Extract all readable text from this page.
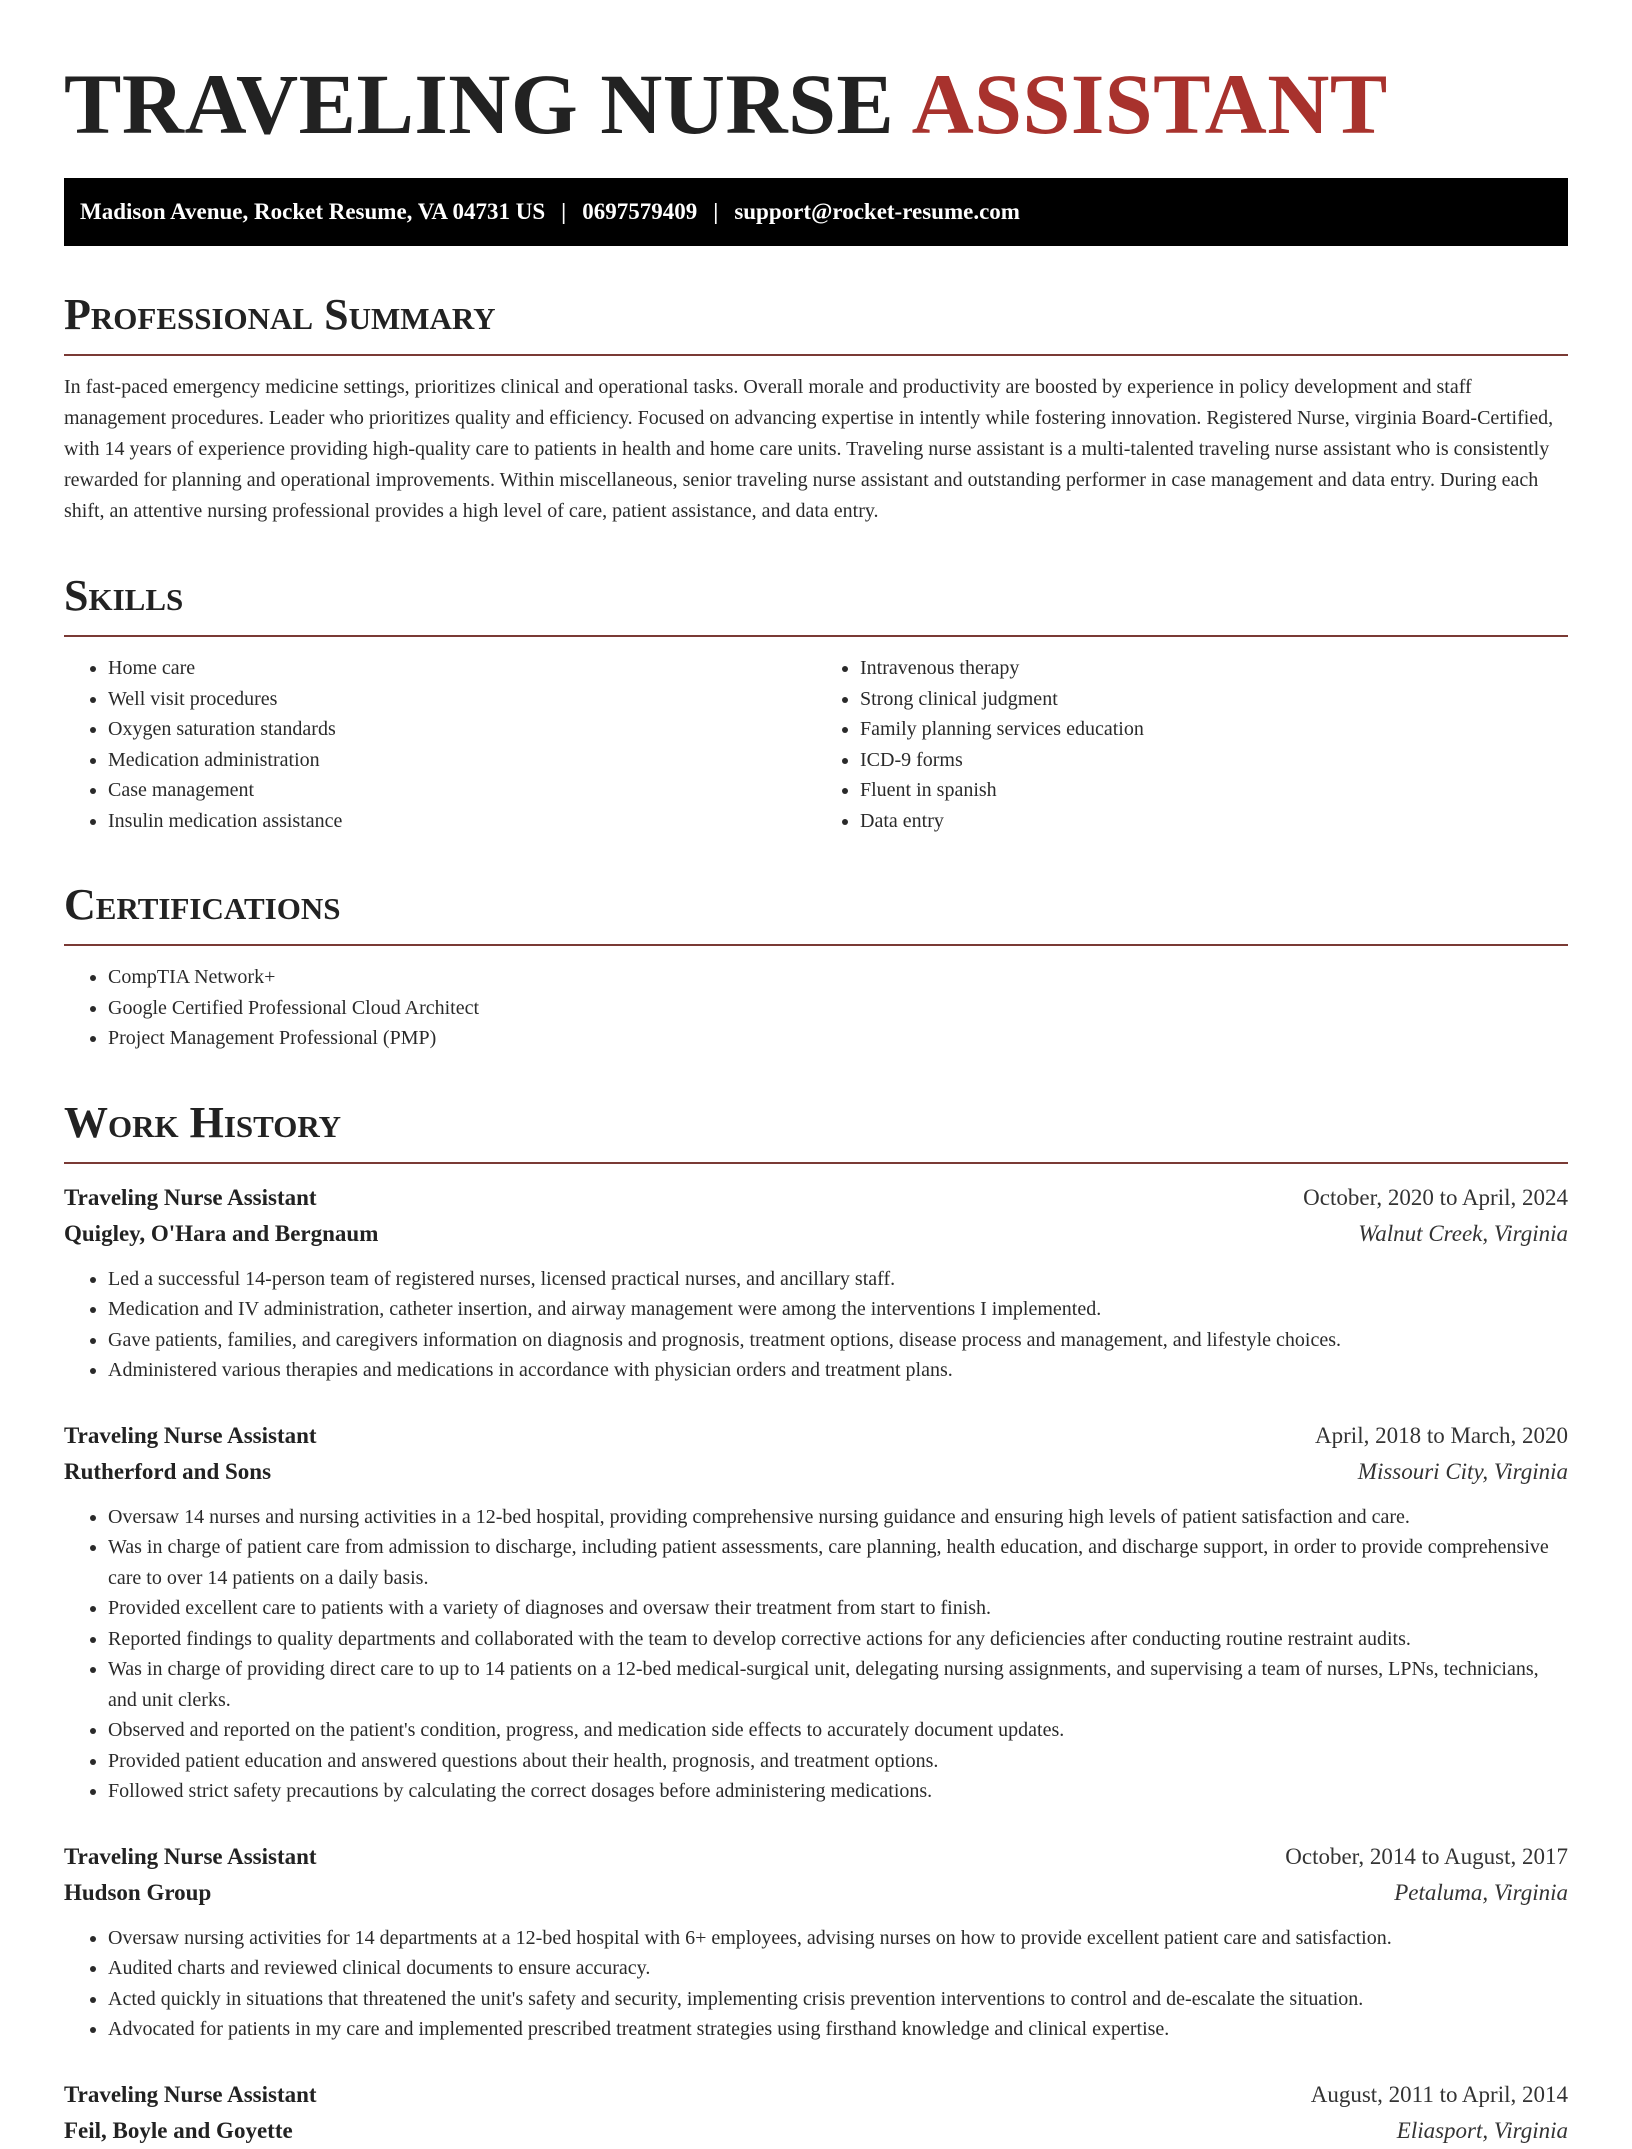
TRAVELING NURSE ASSISTANT
Madison Avenue, Rocket Resume, VA 04731 US | 0697579409 | support@rocket-resume.com
Professional Summary

In fast-paced emergency medicine settings, prioritizes clinical and operational tasks. Overall morale and productivity are boosted by experience in policy development and staff management procedures. Leader who prioritizes quality and efficiency. Focused on advancing expertise in intently while fostering innovation. Registered Nurse, virginia Board-Certified, with 14 years of experience providing high-quality care to patients in health and home care units. Traveling nurse assistant is a multi-talented traveling nurse assistant who is consistently rewarded for planning and operational improvements. Within miscellaneous, senior traveling nurse assistant and outstanding performer in case management and data entry. During each shift, an attentive nursing professional provides a high level of care, patient assistance, and data entry.

Skills
• Home care
• Well visit procedures
• Oxygen saturation standards
• Medication administration
• Case management
• Insulin medication assistance
• Intravenous therapy
• Strong clinical judgment
• Family planning services education
• ICD-9 forms
• Fluent in spanish
• Data entry
Certifications
• CompTIA Network+
• Google Certified Professional Cloud Architect
• Project Management Professional (PMP)
Work History
Traveling Nurse Assistant	October, 2020 to April, 2024
Quigley, O'Hara and Bergnaum	Walnut Creek, Virginia
• Led a successful 14-person team of registered nurses, licensed practical nurses, and ancillary staff.
• Medication and IV administration, catheter insertion, and airway management were among the interventions I implemented.
• Gave patients, families, and caregivers information on diagnosis and prognosis, treatment options, disease process and management, and lifestyle choices.
• Administered various therapies and medications in accordance with physician orders and treatment plans.
Traveling Nurse Assistant	April, 2018 to March, 2020
Rutherford and Sons	Missouri City, Virginia
• Oversaw 14 nurses and nursing activities in a 12-bed hospital, providing comprehensive nursing guidance and ensuring high levels of patient satisfaction and care.
• Was in charge of patient care from admission to discharge, including patient assessments, care planning, health education, and discharge support, in order to provide comprehensive care to over 14 patients on a daily basis.
• Provided excellent care to patients with a variety of diagnoses and oversaw their treatment from start to finish.
• Reported findings to quality departments and collaborated with the team to develop corrective actions for any deficiencies after conducting routine restraint audits.
• Was in charge of providing direct care to up to 14 patients on a 12-bed medical-surgical unit, delegating nursing assignments, and supervising a team of nurses, LPNs, technicians, and unit clerks.
• Observed and reported on the patient's condition, progress, and medication side effects to accurately document updates.
• Provided patient education and answered questions about their health, prognosis, and treatment options.
• Followed strict safety precautions by calculating the correct dosages before administering medications.
Traveling Nurse Assistant	October, 2014 to August, 2017
Hudson Group	Petaluma, Virginia
• Oversaw nursing activities for 14 departments at a 12-bed hospital with 6+ employees, advising nurses on how to provide excellent patient care and satisfaction.
• Audited charts and reviewed clinical documents to ensure accuracy.
• Acted quickly in situations that threatened the unit's safety and security, implementing crisis prevention interventions to control and de-escalate the situation.
• Advocated for patients in my care and implemented prescribed treatment strategies using firsthand knowledge and clinical expertise.
Traveling Nurse Assistant	August, 2011 to April, 2014
Feil, Boyle and Goyette	Eliasport, Virginia
